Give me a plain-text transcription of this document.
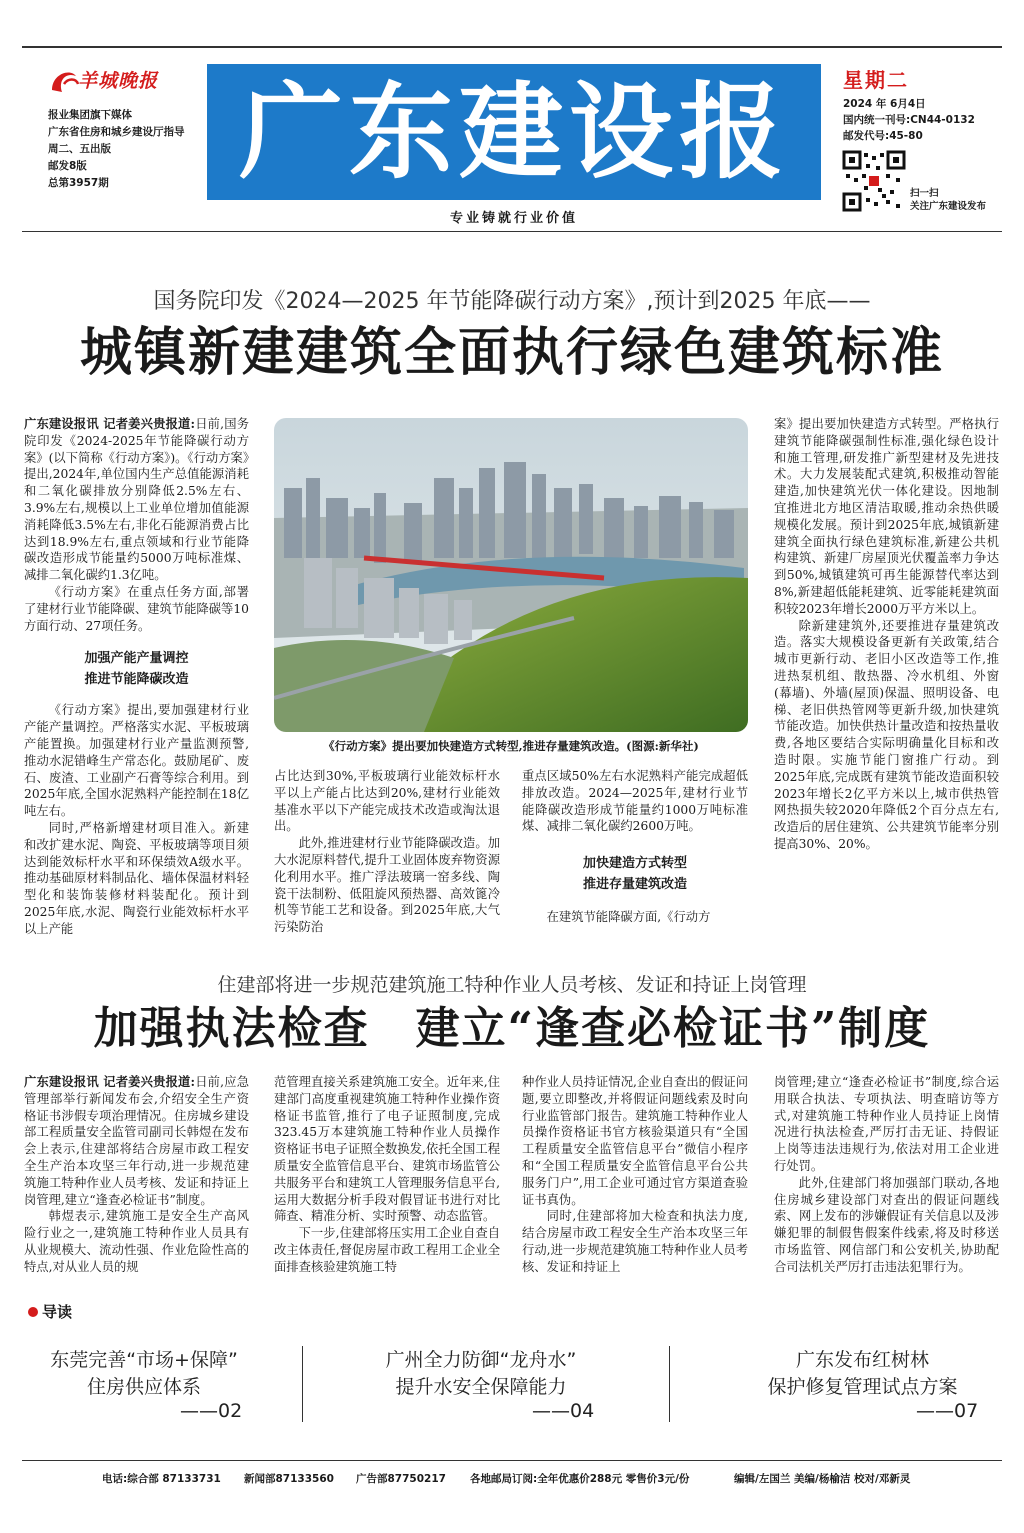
羊城晚报
报业集团旗下媒体
广东省住房和城乡建设厅指导
周二、五出版
邮发8版
总第3957期	广东建设报
专业铸就行业价值
星期二
2024 年 6月4日
国内统一刊号:CN44-0132
邮发代号:45-80
扫一扫
关注广东建设发布
国务院印发《2024—2025 年节能降碳行动方案》,预计到2025 年底——
城镇新建建筑全面执行绿色建筑标准

广东建设报讯 记者姜兴贵报道:日前,国务院印发《2024-2025年节能降碳行动方案》(以下简称《行动方案》)。《行动方案》提出,2024年,单位国内生产总值能源消耗和二氧化碳排放分别降低2.5%左右、3.9%左右,规模以上工业单位增加值能源消耗降低3.5%左右,非化石能源消费占比达到18.9%左右,重点领域和行业节能降碳改造形成节能量约5000万吨标准煤、减排二氧化碳约1.3亿吨。

《行动方案》在重点任务方面,部署了建材行业节能降碳、建筑节能降碳等10方面行动、27项任务。

加强产能产量调控
推进节能降碳改造

《行动方案》提出,要加强建材行业产能产量调控。严格落实水泥、平板玻璃产能置换。加强建材行业产量监测预警,推动水泥错峰生产常态化。鼓励尾矿、废石、废渣、工业副产石膏等综合利用。到2025年底,全国水泥熟料产能控制在18亿吨左右。

同时,严格新增建材项目准入。新建和改扩建水泥、陶瓷、平板玻璃等项目须达到能效标杆水平和环保绩效A级水平。推动基础原材料制品化、墙体保温材料轻型化和装饰装修材料装配化。预计到2025年底,水泥、陶瓷行业能效标杆水平以上产能

《行动方案》提出要加快建造方式转型,推进存量建筑改造。(图源:新华社)

占比达到30%,平板玻璃行业能效标杆水平以上产能占比达到20%,建材行业能效基准水平以下产能完成技术改造或淘汰退出。

此外,推进建材行业节能降碳改造。加大水泥原料替代,提升工业固体废弃物资源化利用水平。推广浮法玻璃一窑多线、陶瓷干法制粉、低阻旋风预热器、高效篦冷机等节能工艺和设备。到2025年底,大气污染防治

重点区域50%左右水泥熟料产能完成超低排放改造。2024—2025年,建材行业节能降碳改造形成节能量约1000万吨标准煤、减排二氧化碳约2600万吨。

加快建造方式转型
推进存量建筑改造

在建筑节能降碳方面,《行动方

案》提出要加快建造方式转型。严格执行建筑节能降碳强制性标准,强化绿色设计和施工管理,研发推广新型建材及先进技术。大力发展装配式建筑,积极推动智能建造,加快建筑光伏一体化建设。因地制宜推进北方地区清洁取暖,推动余热供暖规模化发展。预计到2025年底,城镇新建建筑全面执行绿色建筑标准,新建公共机构建筑、新建厂房屋顶光伏覆盖率力争达到50%,城镇建筑可再生能源替代率达到8%,新建超低能耗建筑、近零能耗建筑面积较2023年增长2000万平方米以上。

除新建建筑外,还要推进存量建筑改造。落实大规模设备更新有关政策,结合城市更新行动、老旧小区改造等工作,推进热泵机组、散热器、冷水机组、外窗(幕墙)、外墙(屋顶)保温、照明设备、电梯、老旧供热管网等更新升级,加快建筑节能改造。加快供热计量改造和按热量收费,各地区要结合实际明确量化目标和改造时限。实施节能门窗推广行动。到2025年底,完成既有建筑节能改造面积较2023年增长2亿平方米以上,城市供热管网热损失较2020年降低2个百分点左右,改造后的居住建筑、公共建筑节能率分别提高30%、20%。

住建部将进一步规范建筑施工特种作业人员考核、发证和持证上岗管理
加强执法检查　建立“逢查必检证书”制度

广东建设报讯 记者姜兴贵报道:日前,应急管理部举行新闻发布会,介绍安全生产资格证书涉假专项治理情况。住房城乡建设部工程质量安全监管司副司长韩煜在发布会上表示,住建部将结合房屋市政工程安全生产治本攻坚三年行动,进一步规范建筑施工特种作业人员考核、发证和持证上岗管理,建立“逢查必检证书”制度。

韩煜表示,建筑施工是安全生产高风险行业之一,建筑施工特种作业人员具有从业规模大、流动性强、作业危险性高的特点,对从业人员的规

范管理直接关系建筑施工安全。近年来,住建部门高度重视建筑施工特种作业操作资格证书监管,推行了电子证照制度,完成323.45万本建筑施工特种作业人员操作资格证书电子证照全数换发,依托全国工程质量安全监管信息平台、建筑市场监管公共服务平台和建筑工人管理服务信息平台,运用大数据分析手段对假冒证书进行对比筛查、精准分析、实时预警、动态监管。

下一步,住建部将压实用工企业自查自改主体责任,督促房屋市政工程用工企业全面排查核验建筑施工特

种作业人员持证情况,企业自查出的假证问题,要立即整改,并将假证问题线索及时向行业监管部门报告。建筑施工特种作业人员操作资格证书官方核验渠道只有“全国工程质量安全监管信息平台”微信小程序和“全国工程质量安全监管信息平台公共服务门户”,用工企业可通过官方渠道查验证书真伪。

同时,住建部将加大检查和执法力度,结合房屋市政工程安全生产治本攻坚三年行动,进一步规范建筑施工特种作业人员考核、发证和持证上

岗管理;建立“逢查必检证书”制度,综合运用联合执法、专项执法、明查暗访等方式,对建筑施工特种作业人员持证上岗情况进行执法检查,严厉打击无证、持假证上岗等违法违规行为,依法对用工企业进行处罚。

此外,住建部门将加强部门联动,各地住房城乡建设部门对查出的假证问题线索、网上发布的涉嫌假证有关信息以及涉嫌犯罪的制假售假案件线索,将及时移送市场监管、网信部门和公安机关,协助配合司法机关严厉打击违法犯罪行为。

导读
东莞完善“市场+保障”
住房供应体系
——02
广州全力防御“龙舟水”
提升水安全保障能力
——04
广东发布红树林
保护修复管理试点方案
——07
电话:综合部 87133731 新闻部87133560 广告部87750217 各地邮局订阅:全年优惠价288元 零售价3元/份	编辑/左国兰 美编/杨榆洁 校对/邓新灵
